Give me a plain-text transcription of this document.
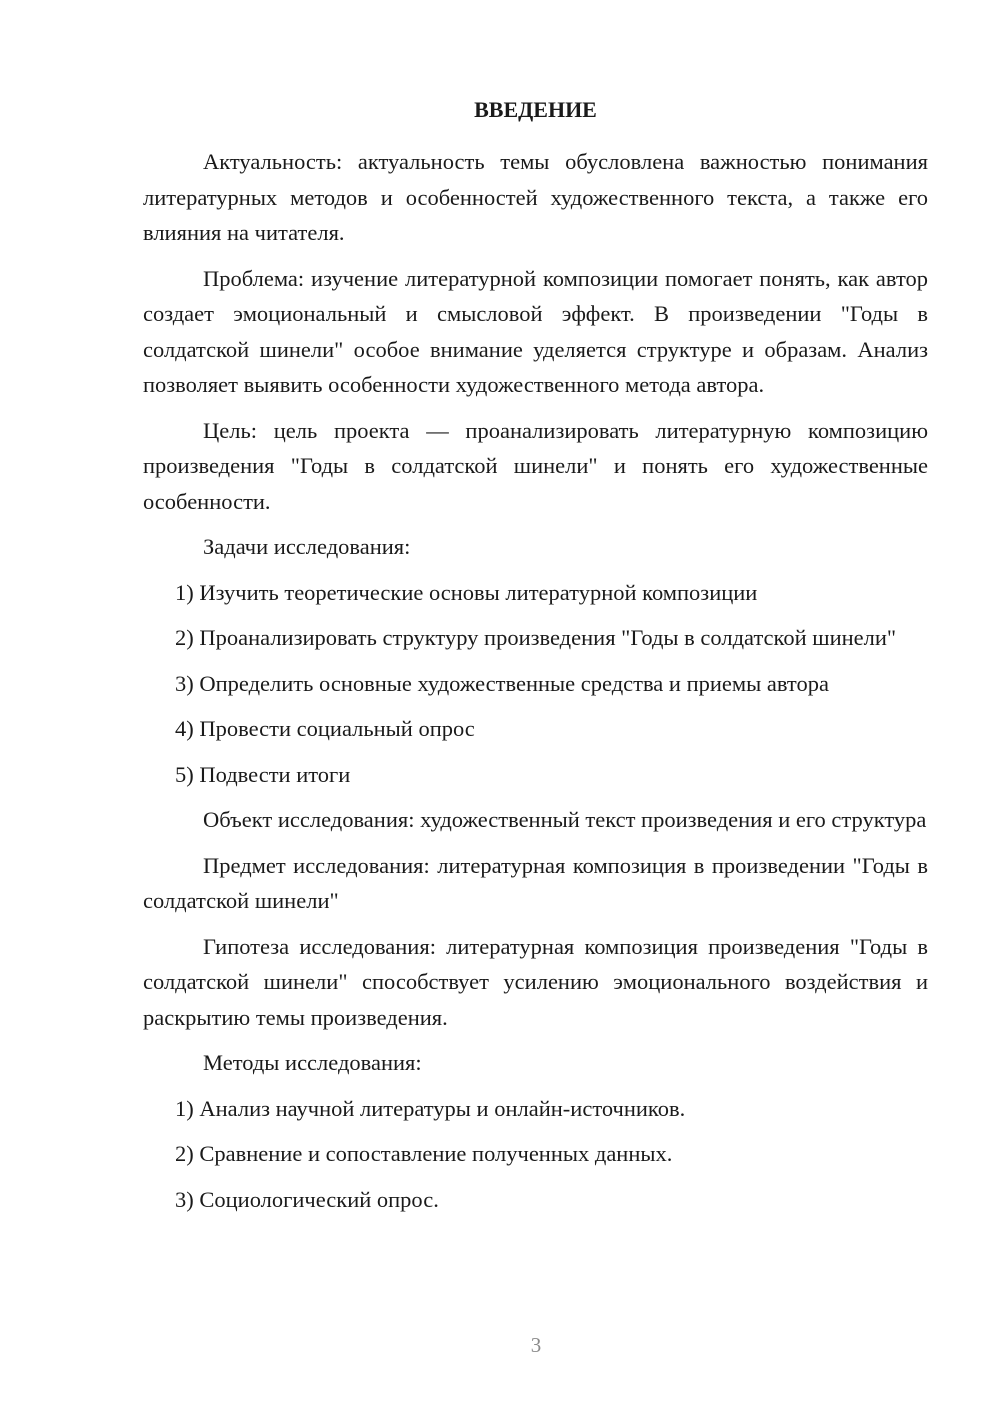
ВВЕДЕНИЕ

Актуальность: актуальность темы обусловлена важностью понимания литературных методов и особенностей художественного текста, а также его влияния на читателя.

Проблема: изучение литературной композиции помогает понять, как автор создает эмоциональный и смысловой эффект. В произведении "Годы в солдатской шинели" особое внимание уделяется структуре и образам. Анализ позволяет выявить особенности художественного метода автора.

Цель: цель проекта — проанализировать литературную композицию произведения "Годы в солдатской шинели" и понять его художественные особенности.

Задачи исследования:

1) Изучить теоретические основы литературной композиции

2) Проанализировать структуру произведения "Годы в солдатской шинели"

3) Определить основные художественные средства и приемы автора

4) Провести социальный опрос

5) Подвести итоги

Объект исследования: художественный текст произведения и его структура

Предмет исследования: литературная композиция в произведении "Годы в солдатской шинели"

Гипотеза исследования: литературная композиция произведения "Годы в солдатской шинели" способствует усилению эмоционального воздействия и раскрытию темы произведения.

Методы исследования:

1) Анализ научной литературы и онлайн-источников.

2) Сравнение и сопоставление полученных данных.

3) Социологический опрос.

3
